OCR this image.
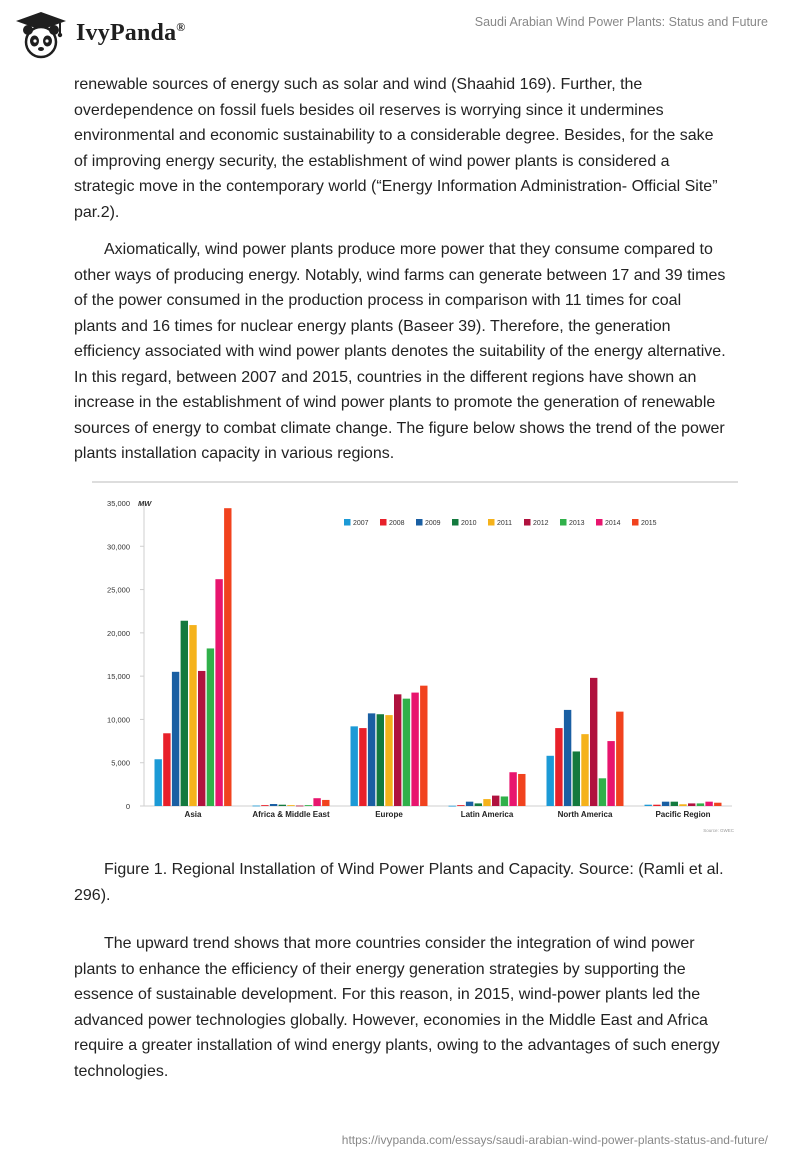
IvyPanda®	Saudi Arabian Wind Power Plants: Status and Future

renewable sources of energy such as solar and wind (Shaahid 169). Further, the overdependence on fossil fuels besides oil reserves is worrying since it undermines environmental and economic sustainability to a considerable degree. Besides, for the sake of improving energy security, the establishment of wind power plants is considered a strategic move in the contemporary world (“Energy Information Administration- Official Site” par.2).

Axiomatically, wind power plants produce more power that they consume compared to other ways of producing energy. Notably, wind farms can generate between 17 and 39 times of the power consumed in the production process in comparison with 11 times for coal plants and 16 times for nuclear energy plants (Baseer 39). Therefore, the generation efficiency associated with wind power plants denotes the suitability of the energy alternative. In this regard, between 2007 and 2015, countries in the different regions have shown an increase in the establishment of wind power plants to promote the generation of renewable sources of energy to combat climate change. The figure below shows the trend of the power plants installation capacity in various regions.

0
5,000
10,000
15,000
20,000
25,000
30,000
35,000 MW
Asia	Africa & Middle East	Europe	Latin America	North America	Pacific Region
2007	2008	2009	2010	2011	2012	2013	2014	2015
Source: GWEC

Figure 1. Regional Installation of Wind Power Plants and Capacity. Source: (Ramli et al. 296).

The upward trend shows that more countries consider the integration of wind power plants to enhance the efficiency of their energy generation strategies by supporting the essence of sustainable development. For this reason, in 2015, wind-power plants led the advanced power technologies globally. However, economies in the Middle East and Africa require a greater installation of wind energy plants, owing to the advantages of such energy technologies.

https://ivypanda.com/essays/saudi-arabian-wind-power-plants-status-and-future/
